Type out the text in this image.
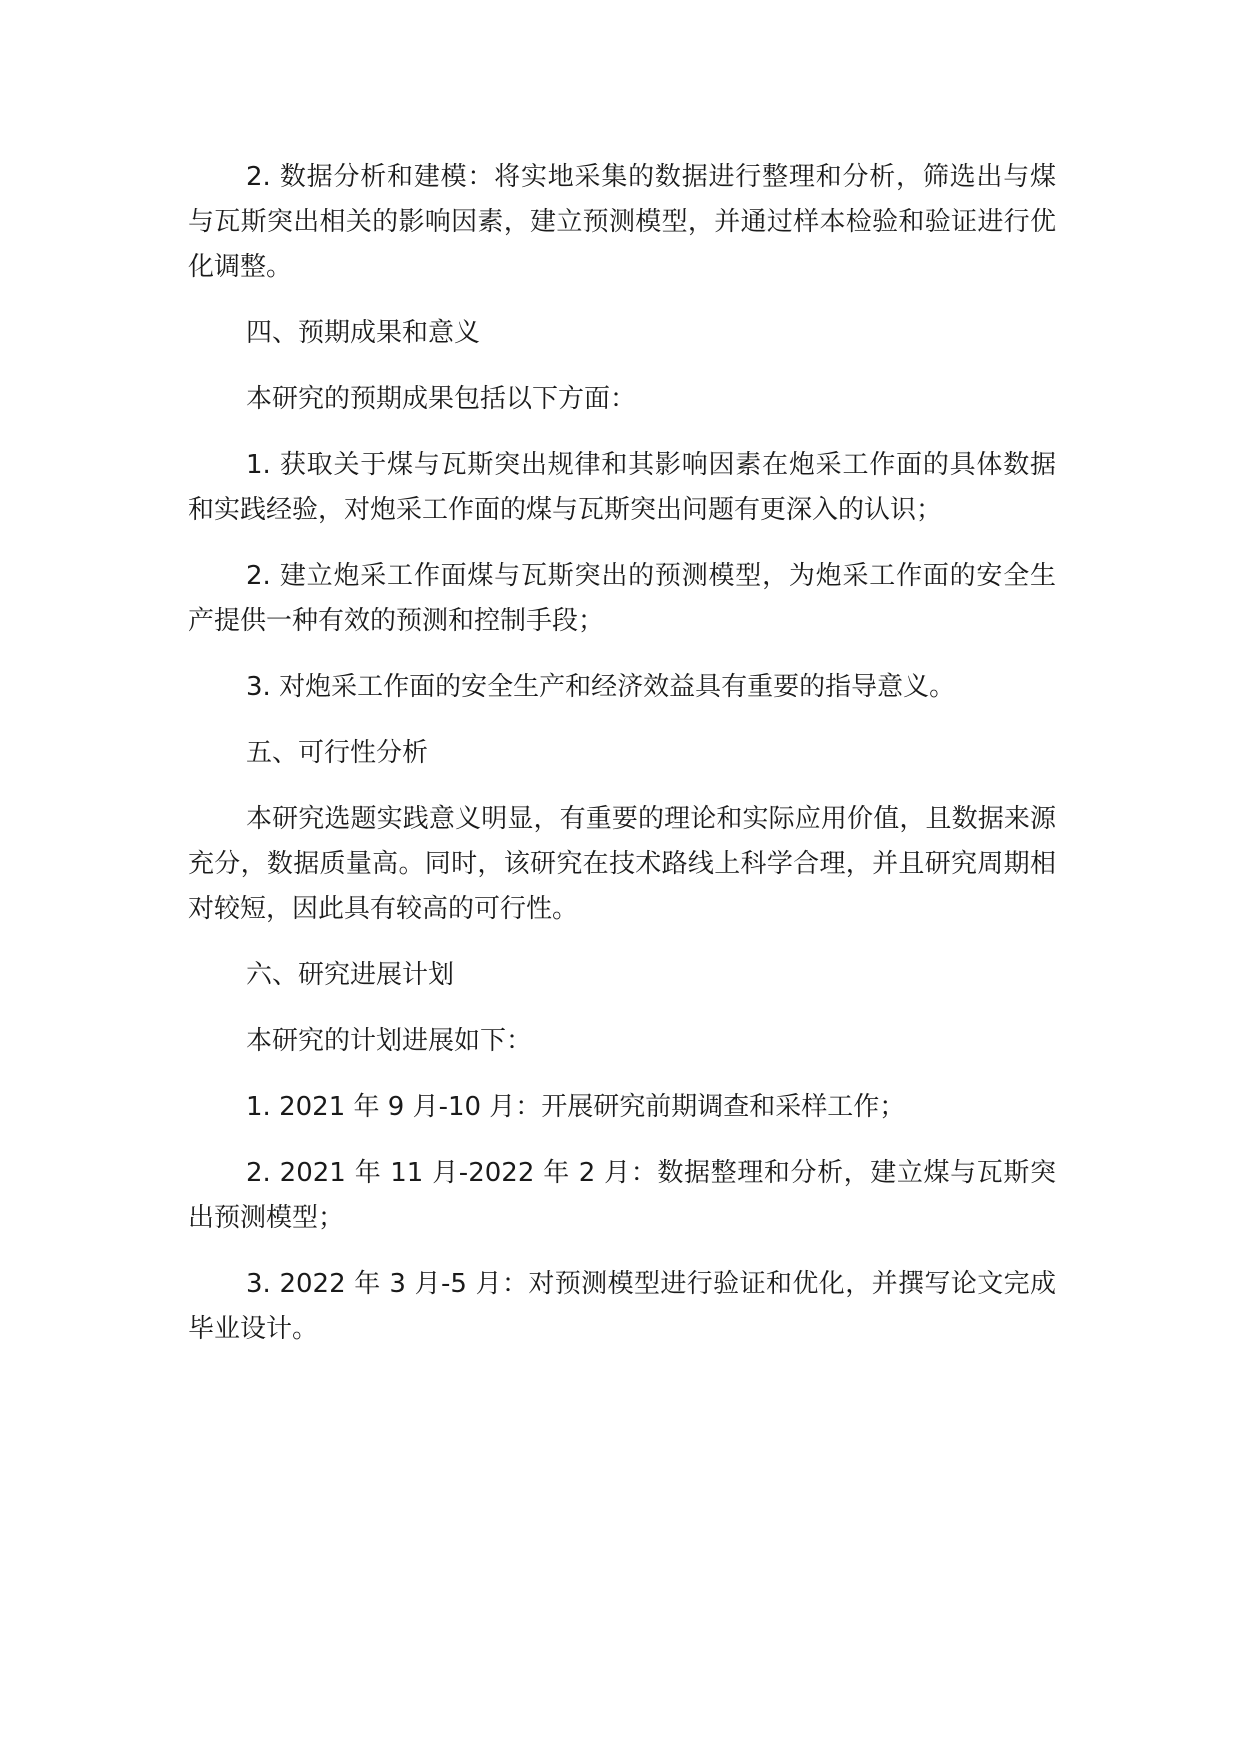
2. 数据分析和建模：将实地采集的数据进行整理和分析，筛选出与煤与瓦斯突出相关的影响因素，建立预测模型，并通过样本检验和验证进行优化调整。

四、预期成果和意义

本研究的预期成果包括以下方面：

1. 获取关于煤与瓦斯突出规律和其影响因素在炮采工作面的具体数据和实践经验，对炮采工作面的煤与瓦斯突出问题有更深入的认识；

2. 建立炮采工作面煤与瓦斯突出的预测模型，为炮采工作面的安全生产提供一种有效的预测和控制手段；

3. 对炮采工作面的安全生产和经济效益具有重要的指导意义。

五、可行性分析

本研究选题实践意义明显，有重要的理论和实际应用价值，且数据来源充分，数据质量高。同时，该研究在技术路线上科学合理，并且研究周期相对较短，因此具有较高的可行性。

六、研究进展计划

本研究的计划进展如下：

1. 2021 年 9 月-10 月：开展研究前期调查和采样工作；

2. 2021 年 11 月-2022 年 2 月：数据整理和分析，建立煤与瓦斯突出预测模型；

3. 2022 年 3 月-5 月：对预测模型进行验证和优化，并撰写论文完成毕业设计。
